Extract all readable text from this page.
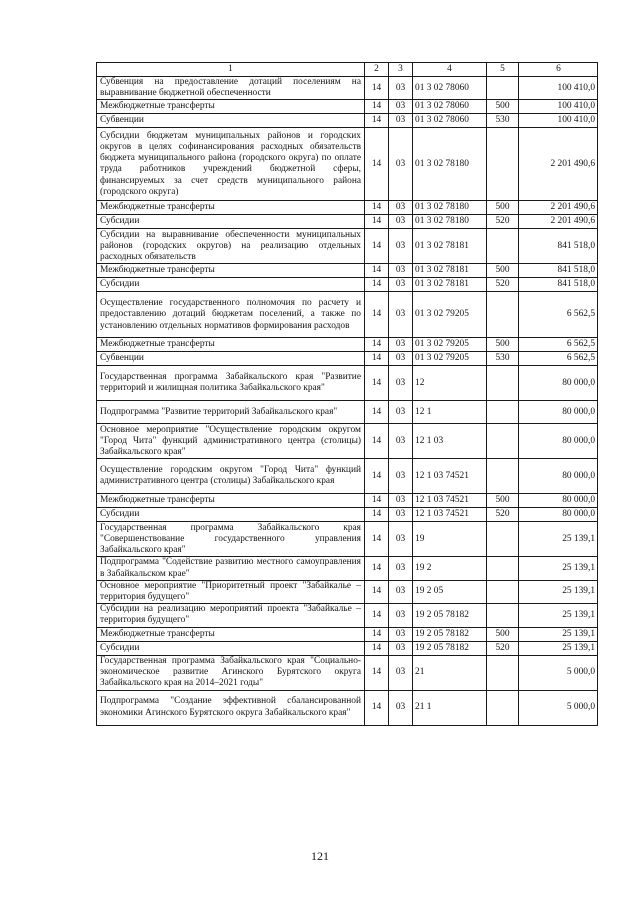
1	2	3	4	5	6
Субвенция на предоставление дотаций поселениям на выравнивание бюджетной обеспеченности	14	03	01 3 02 78060		100 410,0
Межбюджетные трансферты	14	03	01 3 02 78060	500	100 410,0
Субвенции	14	03	01 3 02 78060	530	100 410,0
Субсидии бюджетам муниципальных районов и городских округов в целях софинансирования расходных обязательств бюджета муниципального района (городского округа) по оплате труда работников учреждений бюджетной сферы, финансируемых за счет средств муниципального района (городского округа)	14	03	01 3 02 78180		2 201 490,6
Межбюджетные трансферты	14	03	01 3 02 78180	500	2 201 490,6
Субсидии	14	03	01 3 02 78180	520	2 201 490,6
Субсидии на выравнивание обеспеченности муниципальных районов (городских округов) на реализацию отдельных расходных обязательств	14	03	01 3 02 78181		841 518,0
Межбюджетные трансферты	14	03	01 3 02 78181	500	841 518,0
Субсидии	14	03	01 3 02 78181	520	841 518,0
Осуществление государственного полномочия по расчету и предоставлению дотаций бюджетам поселений, а также по установлению отдельных нормативов формирования расходов	14	03	01 3 02 79205		6 562,5
Межбюджетные трансферты	14	03	01 3 02 79205	500	6 562,5
Субвенции	14	03	01 3 02 79205	530	6 562,5
Государственная программа Забайкальского края "Развитие территорий и жилищная политика Забайкальского края"	14	03	12		80 000,0
Подпрограмма "Развитие территорий Забайкальского края"	14	03	12 1		80 000,0
Основное мероприятие "Осуществление городским округом "Город Чита" функций административного центра (столицы) Забайкальского края"	14	03	12 1 03		80 000,0
Осуществление городским округом "Город Чита" функций административного центра (столицы) Забайкальского края	14	03	12 1 03 74521		80 000,0
Межбюджетные трансферты	14	03	12 1 03 74521	500	80 000,0
Субсидии	14	03	12 1 03 74521	520	80 000,0
Государственная программа Забайкальского края "Совершенствование государственного управления Забайкальского края"	14	03	19		25 139,1
Подпрограмма "Содействие развитию местного самоуправления в Забайкальском крае"	14	03	19 2		25 139,1
Основное мероприятие "Приоритетный проект "Забайкалье – территория будущего"	14	03	19 2 05		25 139,1
Субсидии на реализацию мероприятий проекта "Забайкалье – территория будущего"	14	03	19 2 05 78182		25 139,1
Межбюджетные трансферты	14	03	19 2 05 78182	500	25 139,1
Субсидии	14	03	19 2 05 78182	520	25 139,1
Государственная программа Забайкальского края "Социально-экономическое развитие Агинского Бурятского округа Забайкальского края на 2014–2021 годы"	14	03	21		5 000,0
Подпрограмма "Создание эффективной сбалансированной экономики Агинского Бурятского округа Забайкальского края"	14	03	21 1		5 000,0
121
